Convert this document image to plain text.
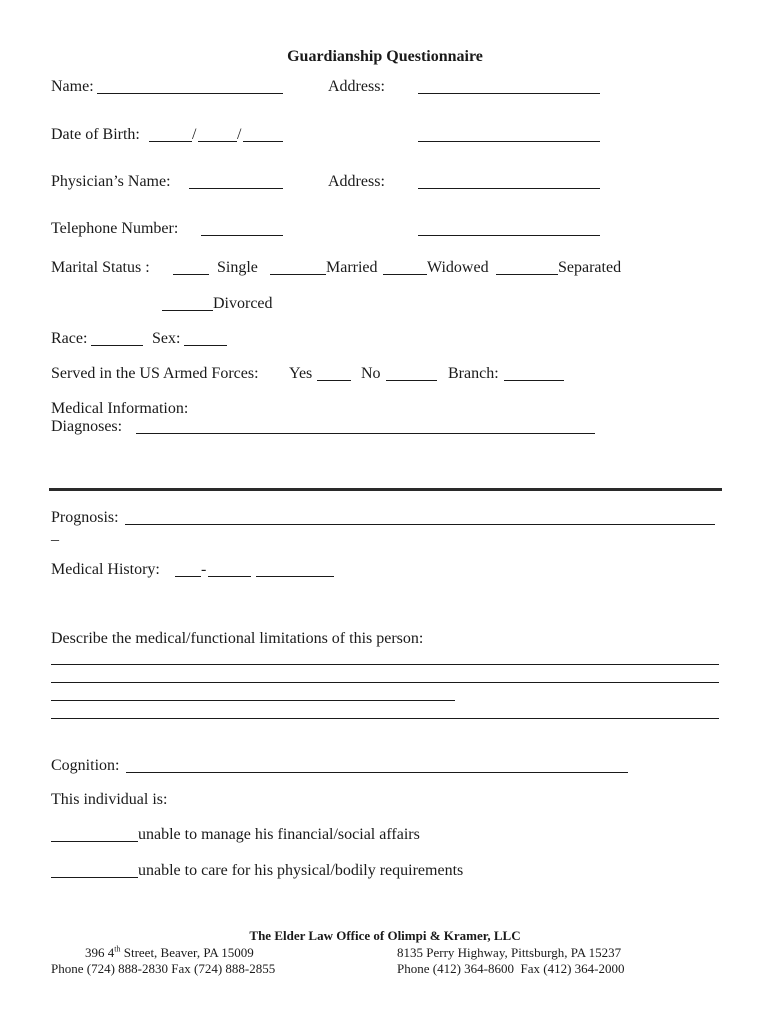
Guardianship Questionnaire
Name:	Address:
Date of Birth:	/	/
Physician’s Name:	Address:
Telephone Number:
Marital Status :	Single	Married	Widowed	Separated
Divorced
Race:	Sex:
Served in the US Armed Forces: Yes	No	Branch:
Medical Information:
Diagnoses:
Prognosis:
_
Medical History:	-
Describe the medical/functional limitations of this person:
Cognition:
This individual is:
unable to manage his financial/social affairs
unable to care for his physical/bodily requirements
The Elder Law Office of Olimpi & Kramer, LLC
396 4th Street, Beaver, PA 15009
Phone (724) 888-2830 Fax (724) 888-2855
8135 Perry Highway, Pittsburgh, PA 15237
Phone (412) 364-8600  Fax (412) 364-2000
